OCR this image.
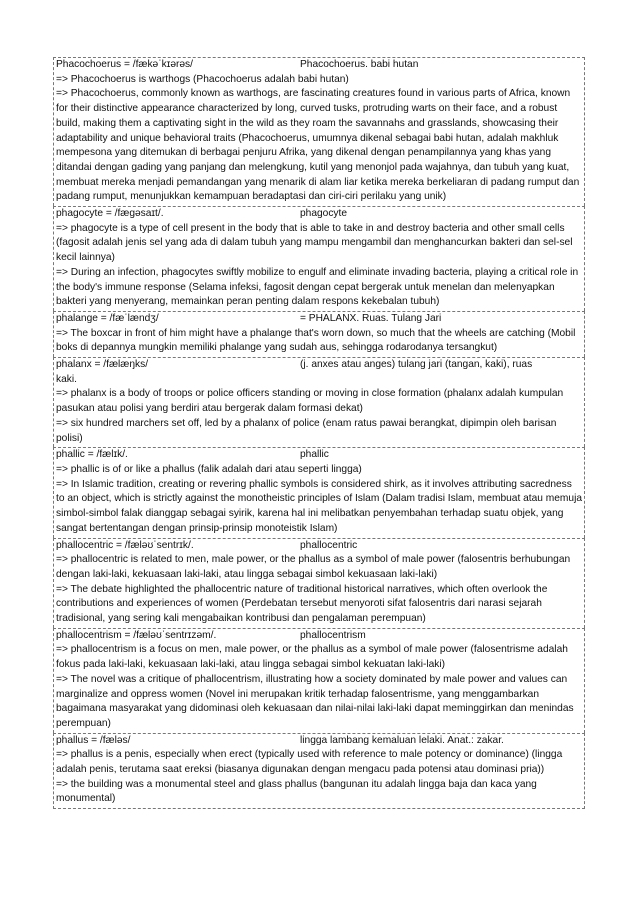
Phacochoerus = /fækəˈkɪərəs/	Phacochoerus. babi hutan
=> Phacochoerus is warthogs (Phacochoerus adalah babi hutan)
=> Phacochoerus, commonly known as warthogs, are fascinating creatures found in various parts of Africa, known for their distinctive appearance characterized by long, curved tusks, protruding warts on their face, and a robust build, making them a captivating sight in the wild as they roam the savannahs and grasslands, showcasing their adaptability and unique behavioral traits (Phacochoerus, umumnya dikenal sebagai babi hutan, adalah makhluk mempesona yang ditemukan di berbagai penjuru Afrika, yang dikenal dengan penampilannya yang khas yang ditandai dengan gading yang panjang dan melengkung, kutil yang menonjol pada wajahnya, dan tubuh yang kuat, membuat mereka menjadi pemandangan yang menarik di alam liar ketika mereka berkeliaran di padang rumput dan padang rumput, menunjukkan kemampuan beradaptasi dan ciri-ciri perilaku yang unik)
phagocyte = /fæɡəsaɪt/.	phagocyte
=> phagocyte is a type of cell present in the body that is able to take in and destroy bacteria and other small cells (fagosit adalah jenis sel yang ada di dalam tubuh yang mampu mengambil dan menghancurkan bakteri dan sel-sel kecil lainnya)
=> During an infection, phagocytes swiftly mobilize to engulf and eliminate invading bacteria, playing a critical role in the body's immune response (Selama infeksi, fagosit dengan cepat bergerak untuk menelan dan melenyapkan bakteri yang menyerang, memainkan peran penting dalam respons kekebalan tubuh)
phalange = /fæˈlændʒ/	= PHALANX. Ruas. Tulang Jari
=> The boxcar in front of him might have a phalange that's worn down, so much that the wheels are catching (Mobil boks di depannya mungkin memiliki phalange yang sudah aus, sehingga rodarodanya tersangkut)
phalanx = /fælæŋks/	(j. anxes atau anges) tulang jari (tangan, kaki), ruas
kaki.
=> phalanx is a body of troops or police officers standing or moving in close formation (phalanx adalah kumpulan pasukan atau polisi yang berdiri atau bergerak dalam formasi dekat)
=> six hundred marchers set off, led by a phalanx of police (enam ratus pawai berangkat, dipimpin oleh barisan polisi)
phallic = /fælɪk/.	phallic
=> phallic is of or like a phallus (falik adalah dari atau seperti lingga)
=> In Islamic tradition, creating or revering phallic symbols is considered shirk, as it involves attributing sacredness to an object, which is strictly against the monotheistic principles of Islam (Dalam tradisi Islam, membuat atau memuja simbol-simbol falak dianggap sebagai syirik, karena hal ini melibatkan penyembahan terhadap suatu objek, yang sangat bertentangan dengan prinsip-prinsip monoteistik Islam)
phallocentric = /fæləʊˈsentrɪk/.	phallocentric
=> phallocentric is related to men, male power, or the phallus as a symbol of male power (falosentris berhubungan dengan laki-laki, kekuasaan laki-laki, atau lingga sebagai simbol kekuasaan laki-laki)
=> The debate highlighted the phallocentric nature of traditional historical narratives, which often overlook the contributions and experiences of women (Perdebatan tersebut menyoroti sifat falosentris dari narasi sejarah tradisional, yang sering kali mengabaikan kontribusi dan pengalaman perempuan)
phallocentrism = /fæləʊˈsentrɪzəm/.	phallocentrism
=> phallocentrism is a focus on men, male power, or the phallus as a symbol of male power (falosentrisme adalah fokus pada laki-laki, kekuasaan laki-laki, atau lingga sebagai simbol kekuatan laki-laki)
=> The novel was a critique of phallocentrism, illustrating how a society dominated by male power and values can marginalize and oppress women (Novel ini merupakan kritik terhadap falosentrisme, yang menggambarkan bagaimana masyarakat yang didominasi oleh kekuasaan dan nilai-nilai laki-laki dapat meminggirkan dan menindas perempuan)
phallus = /fæləs/	lingga lambang kemaluan lelaki. Anat.: zakar.
=> phallus is a penis, especially when erect (typically used with reference to male potency or dominance) (lingga adalah penis, terutama saat ereksi (biasanya digunakan dengan mengacu pada potensi atau dominasi pria))
=> the building was a monumental steel and glass phallus (bangunan itu adalah lingga baja dan kaca yang monumental)
